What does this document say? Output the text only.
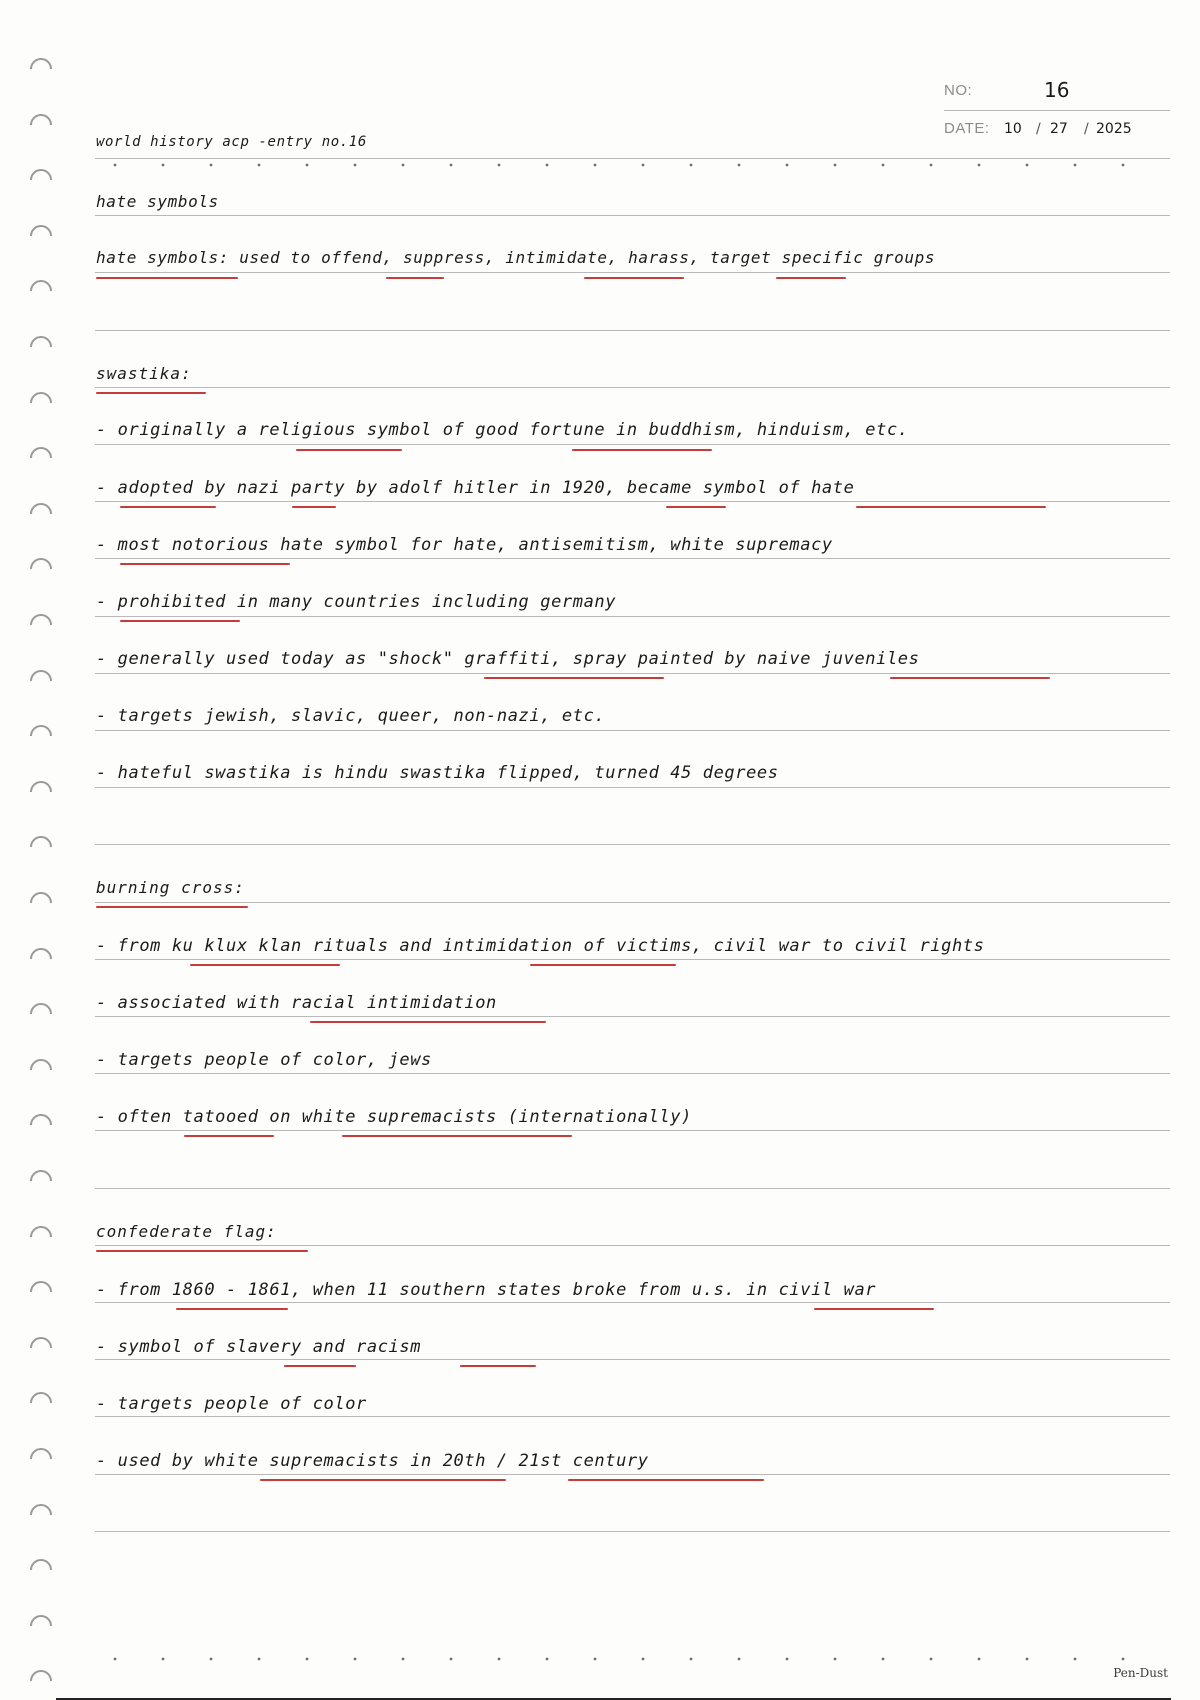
NO:	16
DATE: 10 / 27 / 2025
world history acp -entry no.16
hate symbols
hate symbols: used to offend, suppress, intimidate, harass, target specific groups
swastika:
- originally a religious symbol of good fortune in buddhism, hinduism, etc.
- adopted by nazi party by adolf hitler in 1920, became symbol of hate
- most notorious hate symbol for hate, antisemitism, white supremacy
- prohibited in many countries including germany
- generally used today as "shock" graffiti, spray painted by naive juveniles
- targets jewish, slavic, queer, non-nazi, etc.
- hateful swastika is hindu swastika flipped, turned 45 degrees
burning cross:
- from ku klux klan rituals and intimidation of victims, civil war to civil rights
- associated with racial intimidation
- targets people of color, jews
- often tatooed on white supremacists (internationally)
confederate flag:
- from 1860 - 1861, when 11 southern states broke from u.s. in civil war
- symbol of slavery and racism
- targets people of color
- used by white supremacists in 20th / 21st century
Pen-Dust
